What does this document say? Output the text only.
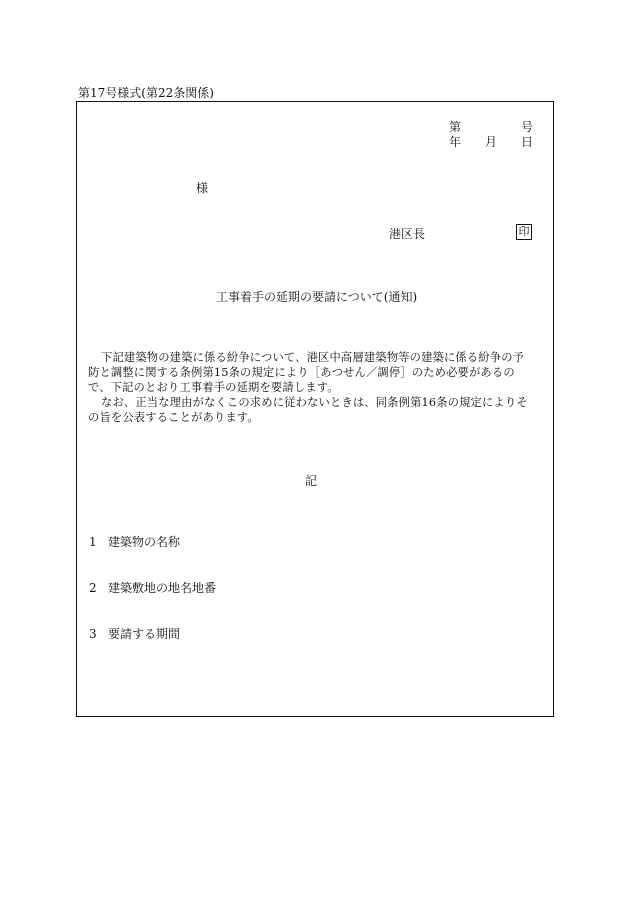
第17号様式(第22条関係)
第	号
年 月 日
様
港区長	印
工事着手の延期の要請について(通知)
下記建築物の建築に係る紛争について、港区中高層建築物等の建築に係る紛争の予
防と調整に関する条例第15条の規定により［あつせん／調停］のため必要があるの
で、下記のとおり工事着手の延期を要請します。
なお、正当な理由がなくこの求めに従わないときは、同条例第16条の規定によりそ
の旨を公表することがあります。
記
1 建築物の名称
2 建築敷地の地名地番
3 要請する期間
